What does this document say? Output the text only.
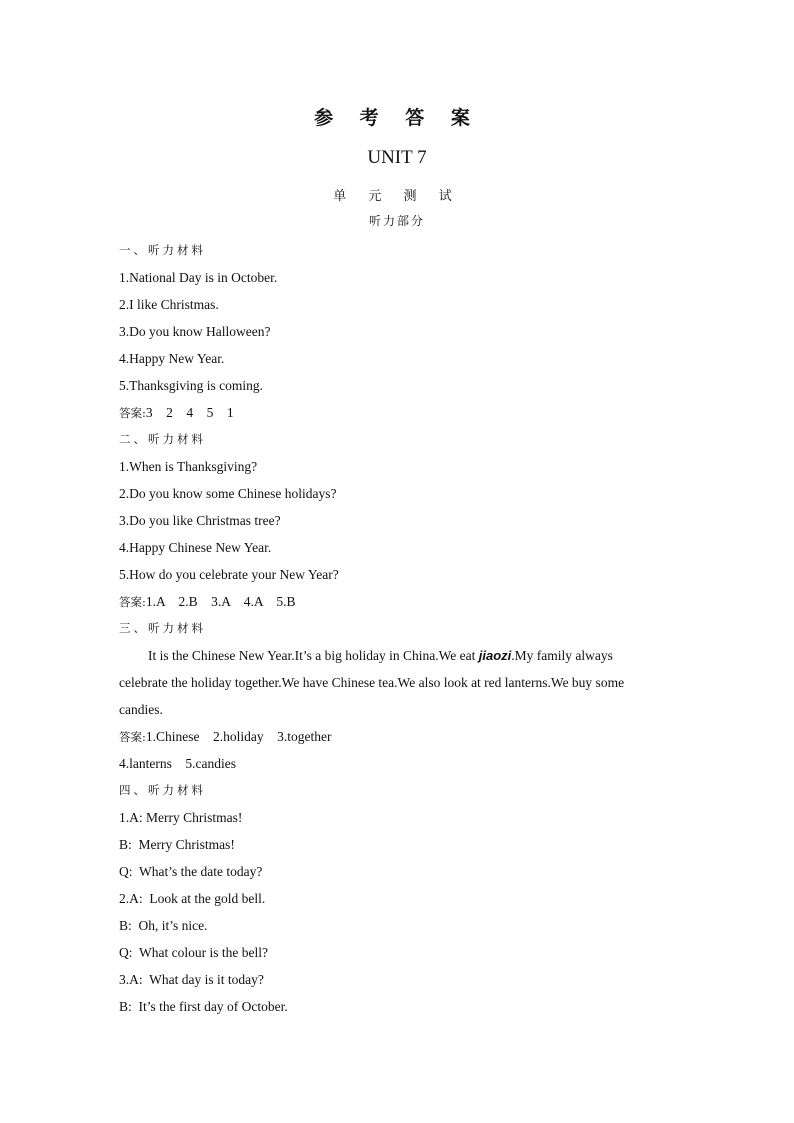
参 考 答 案
UNIT 7
单 元 测 试
听力部分
一、听力材料
1.National Day is in October.
2.I like Christmas.
3.Do you know Halloween?
4.Happy New Year.
5.Thanksgiving is coming.
答案:3    2    4    5    1
二、听力材料
1.When is Thanksgiving?
2.Do you know some Chinese holidays?
3.Do you like Christmas tree?
4.Happy Chinese New Year.
5.How do you celebrate your New Year?
答案:1.A    2.B    3.A    4.A    5.B
三、听力材料
It is the Chinese New Year.It’s a big holiday in China.We eat jiaozi.My family always
celebrate the holiday together.We have Chinese tea.We also look at red lanterns.We buy some
candies.
答案:1.Chinese    2.holiday    3.together
4.lanterns    5.candies
四、听力材料
1.A: Merry Christmas!
B:  Merry Christmas!
Q:  What’s the date today?
2.A:  Look at the gold bell.
B:  Oh, it’s nice.
Q:  What colour is the bell?
3.A:  What day is it today?
B:  It’s the first day of October.
